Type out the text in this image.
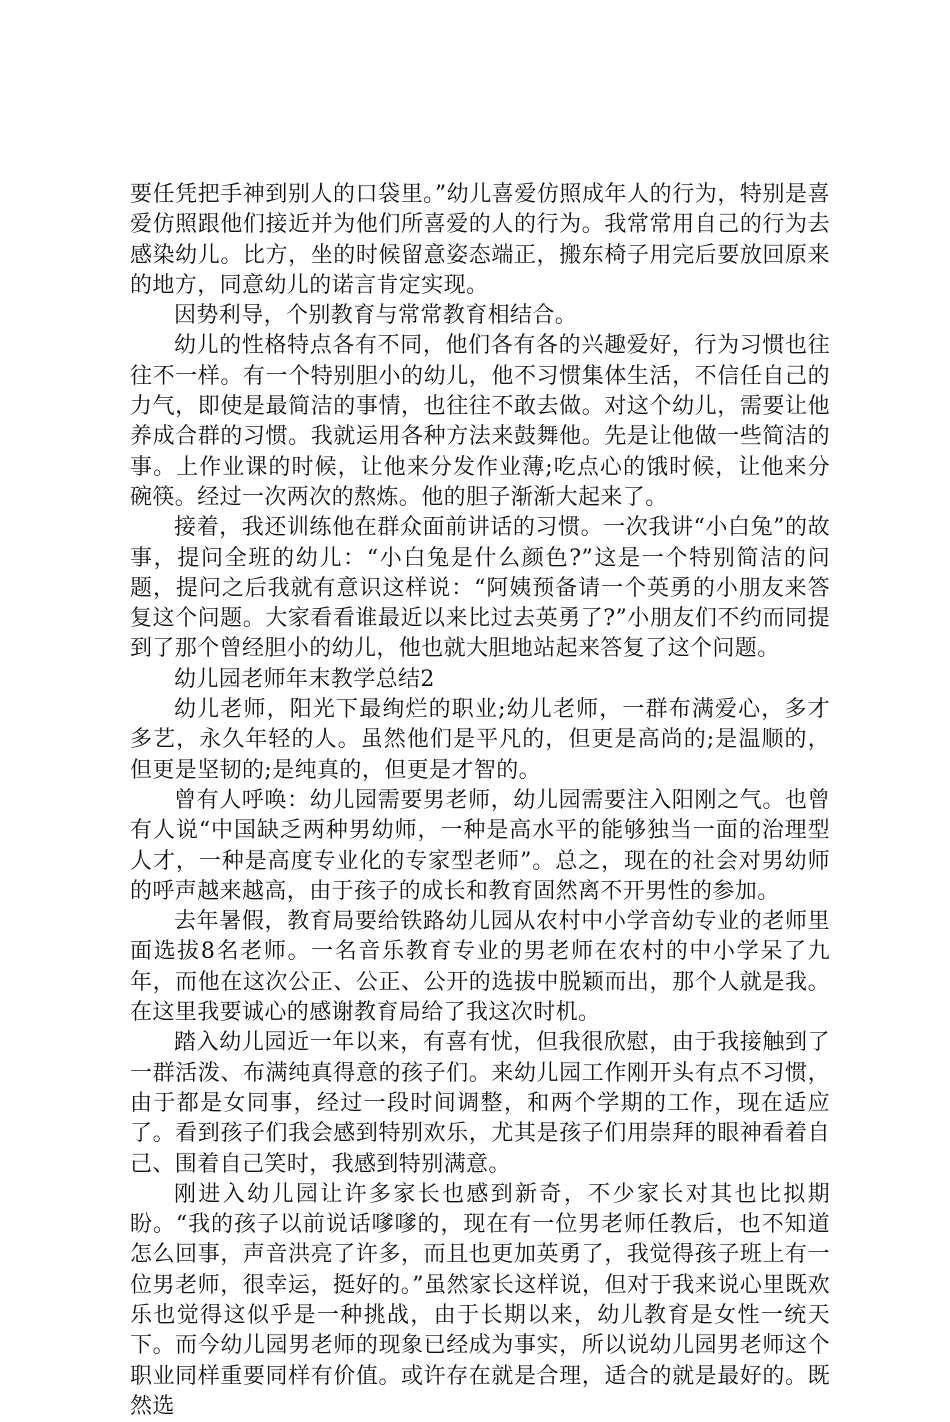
要任凭把手神到别人的口袋里。”幼儿喜爱仿照成年人的行为，特别是喜爱仿照跟他们接近并为他们所喜爱的人的行为。我常常用自己的行为去感染幼儿。比方，坐的时候留意姿态端正，搬东椅子用完后要放回原来的地方，同意幼儿的诺言肯定实现。

因势利导，个别教育与常常教育相结合。

幼儿的性格特点各有不同，他们各有各的兴趣爱好，行为习惯也往往不一样。有一个特别胆小的幼儿，他不习惯集体生活，不信任自己的力气，即使是最简洁的事情，也往往不敢去做。对这个幼儿，需要让他养成合群的习惯。我就运用各种方法来鼓舞他。先是让他做一些简洁的事。上作业课的时候，让他来分发作业薄;吃点心的饿时候，让他来分碗筷。经过一次两次的熬炼。他的胆子渐渐大起来了。

接着，我还训练他在群众面前讲话的习惯。一次我讲“小白兔”的故事，提问全班的幼儿：“小白兔是什么颜色?”这是一个特别简洁的问题，提问之后我就有意识这样说：“阿姨预备请一个英勇的小朋友来答复这个问题。大家看看谁最近以来比过去英勇了?”小朋友们不约而同提到了那个曾经胆小的幼儿，他也就大胆地站起来答复了这个问题。

幼儿园老师年末教学总结2

幼儿老师，阳光下最绚烂的职业;幼儿老师，一群布满爱心，多才多艺，永久年轻的人。虽然他们是平凡的，但更是高尚的;是温顺的，但更是坚韧的;是纯真的，但更是才智的。

曾有人呼唤：幼儿园需要男老师，幼儿园需要注入阳刚之气。也曾有人说“中国缺乏两种男幼师，一种是高水平的能够独当一面的治理型人才，一种是高度专业化的专家型老师”。总之，现在的社会对男幼师的呼声越来越高，由于孩子的成长和教育固然离不开男性的参加。

去年暑假，教育局要给铁路幼儿园从农村中小学音幼专业的老师里面选拔8名老师。一名音乐教育专业的男老师在农村的中小学呆了九年，而他在这次公正、公正、公开的选拔中脱颖而出，那个人就是我。在这里我要诚心的感谢教育局给了我这次时机。

踏入幼儿园近一年以来，有喜有忧，但我很欣慰，由于我接触到了一群活泼、布满纯真得意的孩子们。来幼儿园工作刚开头有点不习惯，由于都是女同事，经过一段时间调整，和两个学期的工作，现在适应了。看到孩子们我会感到特别欢乐，尤其是孩子们用崇拜的眼神看着自己、围着自己笑时，我感到特别满意。

刚进入幼儿园让许多家长也感到新奇，不少家长对其也比拟期盼。“我的孩子以前说话嗲嗲的，现在有一位男老师任教后，也不知道怎么回事，声音洪亮了许多，而且也更加英勇了，我觉得孩子班上有一位男老师，很幸运，挺好的。”虽然家长这样说，但对于我来说心里既欢乐也觉得这似乎是一种挑战，由于长期以来，幼儿教育是女性一统天下。而今幼儿园男老师的现象已经成为事实，所以说幼儿园男老师这个职业同样重要同样有价值。或许存在就是合理，适合的就是最好的。既然选
